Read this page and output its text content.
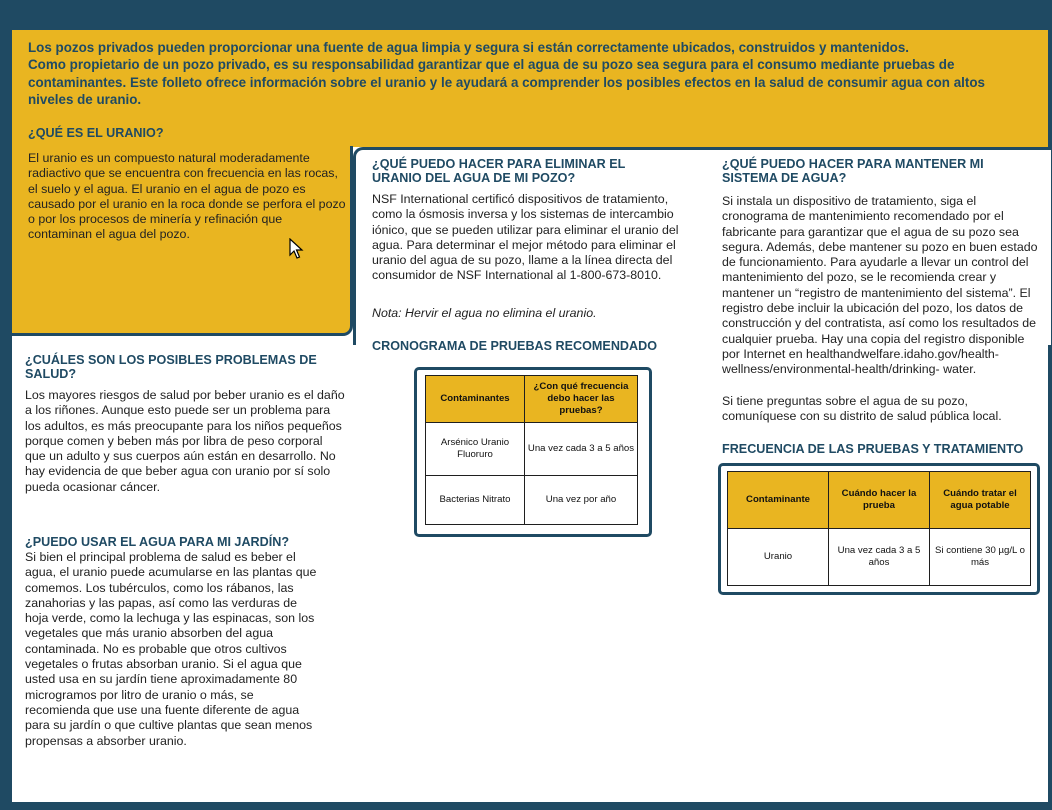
Los pozos privados pueden proporcionar una fuente de agua limpia y segura si están correctamente ubicados, construidos y mantenidos.
Como propietario de un pozo privado, es su responsabilidad garantizar que el agua de su pozo sea segura para el consumo mediante pruebas de contaminantes. Este folleto ofrece información sobre el uranio y le ayudará a comprender los posibles efectos en la salud de consumir agua con altos niveles de uranio.

¿QUÉ ES EL URANIO?

El uranio es un compuesto natural moderadamente radiactivo que se encuentra con frecuencia en las rocas, el suelo y el agua. El uranio en el agua de pozo es causado por el uranio en la roca donde se perfora el pozo o por los procesos de minería y refinación que contaminan el agua del pozo.

¿CUÁLES SON LOS POSIBLES PROBLEMAS DE SALUD?

Los mayores riesgos de salud por beber uranio es el daño a los riñones. Aunque esto puede ser un problema para los adultos, es más preocupante para los niños pequeños porque comen y beben más por libra de peso corporal que un adulto y sus cuerpos aún están en desarrollo. No hay evidencia de que beber agua con uranio por sí solo pueda ocasionar cáncer.

¿PUEDO USAR EL AGUA PARA MI JARDÍN?

Si bien el principal problema de salud es beber el agua, el uranio puede acumularse en las plantas que comemos. Los tubérculos, como los rábanos, las zanahorias y las papas, así como las verduras de hoja verde, como la lechuga y las espinacas, son los vegetales que más uranio absorben del agua contaminada. No es probable que otros cultivos vegetales o frutas absorban uranio. Si el agua que usted usa en su jardín tiene aproximadamente 80 microgramos por litro de uranio o más, se recomienda que use una fuente diferente de agua para su jardín o que cultive plantas que sean menos propensas a absorber uranio.

¿QUÉ PUEDO HACER PARA ELIMINAR EL URANIO DEL AGUA DE MI POZO?

NSF International certificó dispositivos de tratamiento, como la ósmosis inversa y los sistemas de intercambio iónico, que se pueden utilizar para eliminar el uranio del agua. Para determinar el mejor método para eliminar el uranio del agua de su pozo, llame a la línea directa del consumidor de NSF International al 1-800-673-8010.

Nota: Hervir el agua no elimina el uranio.

CRONOGRAMA DE PRUEBAS RECOMENDADO
Contaminantes	¿Con qué frecuencia debo hacer las pruebas?
Arsénico Uranio Fluoruro	Una vez cada 3 a 5 años
Bacterias Nitrato	Una vez por año
¿QUÉ PUEDO HACER PARA MANTENER MI SISTEMA DE AGUA?

Si instala un dispositivo de tratamiento, siga el cronograma de mantenimiento recomendado por el fabricante para garantizar que el agua de su pozo sea segura. Además, debe mantener su pozo en buen estado de funcionamiento. Para ayudarle a llevar un control del mantenimiento del pozo, se le recomienda crear y mantener un “registro de mantenimiento del sistema”. El registro debe incluir la ubicación del pozo, los datos de construcción y del contratista, así como los resultados de cualquier prueba. Hay una copia del registro disponible por Internet en healthandwelfare.idaho.gov/health-wellness/environmental-health/drinking- water.

Si tiene preguntas sobre el agua de su pozo, comuníquese con su distrito de salud pública local.

FRECUENCIA DE LAS PRUEBAS Y TRATAMIENTO
Contaminante	Cuándo hacer la prueba	Cuándo tratar el agua potable
Uranio	Una vez cada 3 a 5 años	Si contiene 30 µg/L o más
